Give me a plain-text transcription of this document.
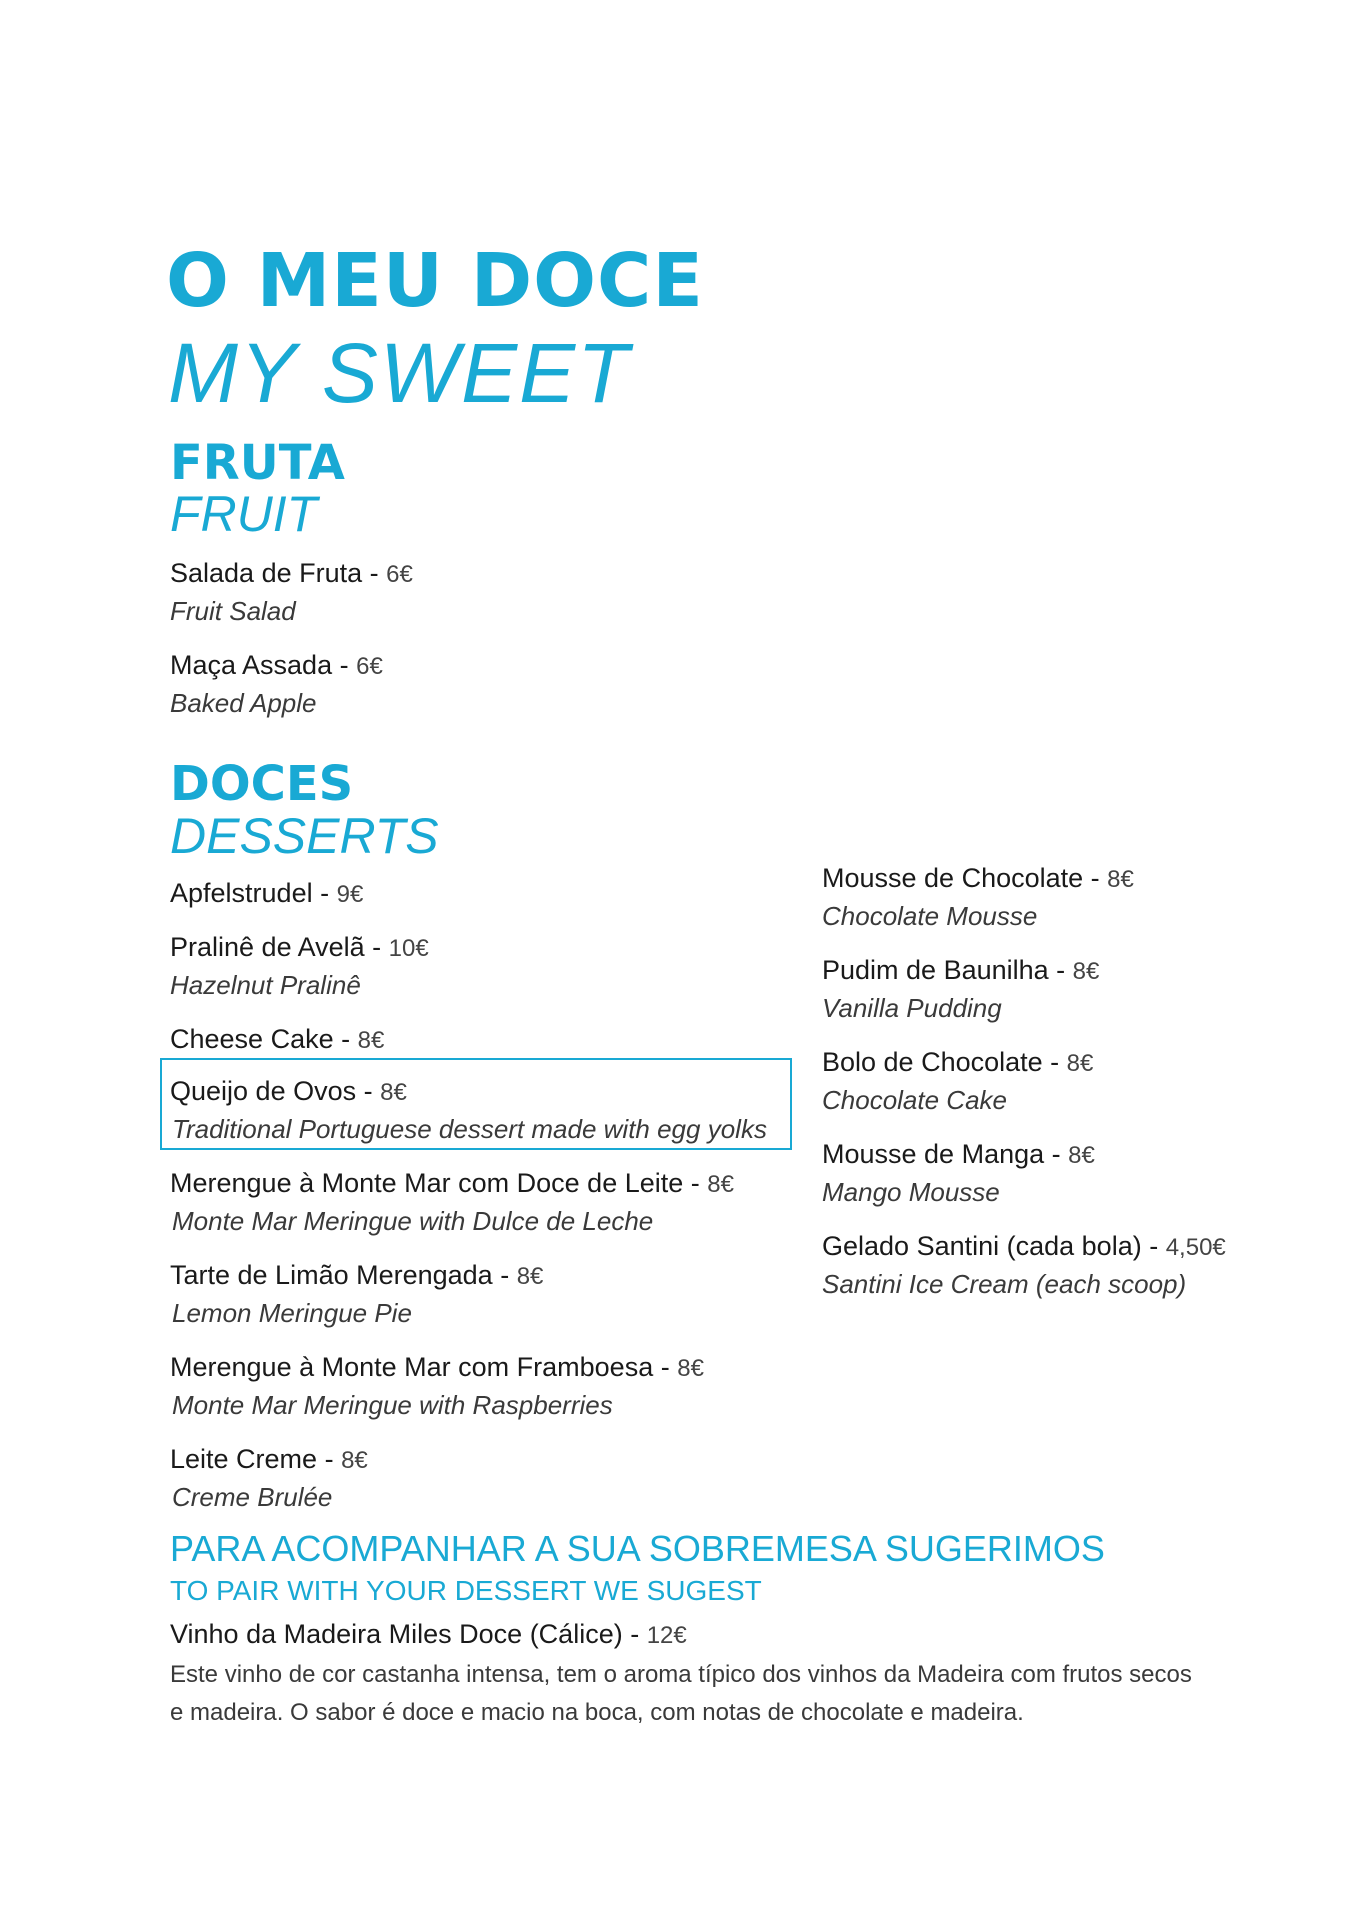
O MEU DOCE
MY SWEET
FRUTA
FRUIT
Salada de Fruta - 6€
Fruit Salad
Maça Assada - 6€
Baked Apple
DOCES
DESSERTS
Apfelstrudel - 9€
Pralinê de Avelã - 10€
Hazelnut Pralinê
Cheese Cake - 8€
Queijo de Ovos - 8€
Traditional Portuguese dessert made with egg yolks
Merengue à Monte Mar com Doce de Leite - 8€
Monte Mar Meringue with Dulce de Leche
Tarte de Limão Merengada - 8€
Lemon Meringue Pie
Merengue à Monte Mar com Framboesa - 8€
Monte Mar Meringue with Raspberries
Leite Creme - 8€
Creme Brulée
Mousse de Chocolate - 8€
Chocolate Mousse
Pudim de Baunilha - 8€
Vanilla Pudding
Bolo de Chocolate - 8€
Chocolate Cake
Mousse de Manga - 8€
Mango Mousse
Gelado Santini (cada bola) - 4,50€
Santini Ice Cream (each scoop)
PARA ACOMPANHAR A SUA SOBREMESA SUGERIMOS
TO PAIR WITH YOUR DESSERT WE SUGEST
Vinho da Madeira Miles Doce (Cálice) - 12€
Este vinho de cor castanha intensa, tem o aroma típico dos vinhos da Madeira com frutos secos
e madeira. O sabor é doce e macio na boca, com notas de chocolate e madeira.
